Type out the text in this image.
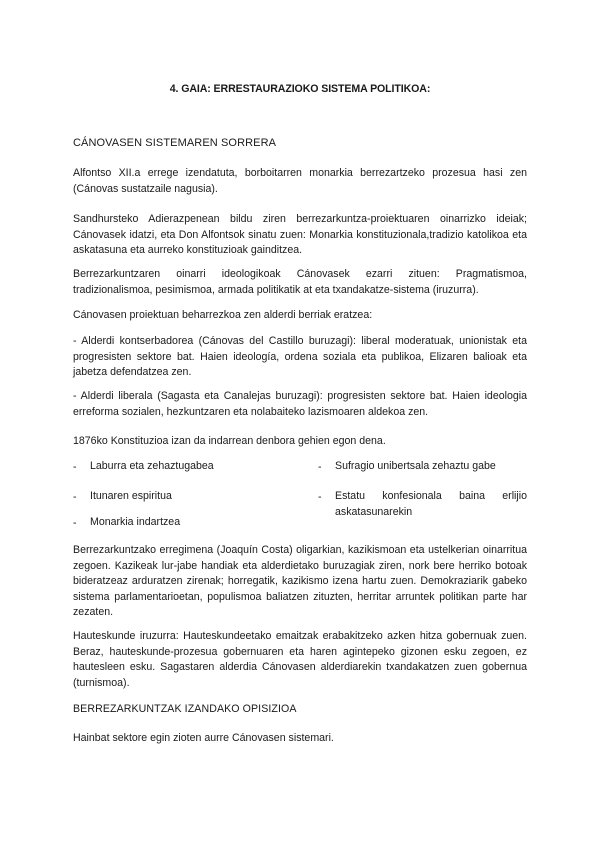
4. GAIA: ERRESTAURAZIOKO SISTEMA POLITIKOA:
CÁNOVASEN SISTEMAREN SORRERA
Alfontso XII.a errege izendatuta, borboitarren monarkia berrezartzeko prozesua hasi zen (Cánovas sustatzaile nagusia).
Sandhursteko Adierazpenean bildu ziren berrezarkuntza-proiektuaren oinarrizko ideiak; Cánovasek idatzi, eta Don Alfontsok sinatu zuen: Monarkia konstituzionala,tradizio katolikoa eta askatasuna eta aurreko konstituzioak gainditzea.
Berrezarkuntzaren oinarri ideologikoak Cánovasek ezarri zituen: Pragmatismoa, tradizionalismoa, pesimismoa, armada politikatik at eta txandakatze-sistema (iruzurra).
Cánovasen proiektuan beharrezkoa zen alderdi berriak eratzea:
- Alderdi kontserbadorea (Cánovas del Castillo buruzagi): liberal moderatuak, unionistak eta progresisten sektore bat. Haien ideología, ordena soziala eta publikoa, Elizaren balioak eta jabetza defendatzea zen.
- Alderdi liberala (Sagasta eta Canalejas buruzagi): progresisten sektore bat. Haien ideologia erreforma sozialen, hezkuntzaren eta nolabaiteko lazismoaren aldekoa zen.
1876ko Konstituzioa izan da indarrean denbora gehien egon dena.
- Laburra eta zehaztugabea
- Itunaren espiritua
- Monarkia indartzea
- Sufragio unibertsala zehaztu gabe
- Estatu konfesionala baina erlijio askatasunarekin
Berrezarkuntzako erregimena (Joaquín Costa) oligarkian, kazikismoan eta ustelkerian oinarritua zegoen. Kazikeak lur-jabe handiak eta alderdietako buruzagiak ziren, nork bere herriko botoak bideratzeaz arduratzen zirenak; horregatik, kazikismo izena hartu zuen. Demokraziarik gabeko sistema parlamentarioetan, populismoa baliatzen zituzten, herritar arruntek politikan parte har zezaten.
Hauteskunde iruzurra: Hauteskundeetako emaitzak erabakitzeko azken hitza gobernuak zuen. Beraz, hauteskunde-prozesua gobernuaren eta haren agintepeko gizonen esku zegoen, ez hautesleen esku. Sagastaren alderdia Cánovasen alderdiarekin txandakatzen zuen gobernua (turnismoa).
BERREZARKUNTZAK IZANDAKO OPISIZIOA
Hainbat sektore egin zioten aurre Cánovasen sistemari.
